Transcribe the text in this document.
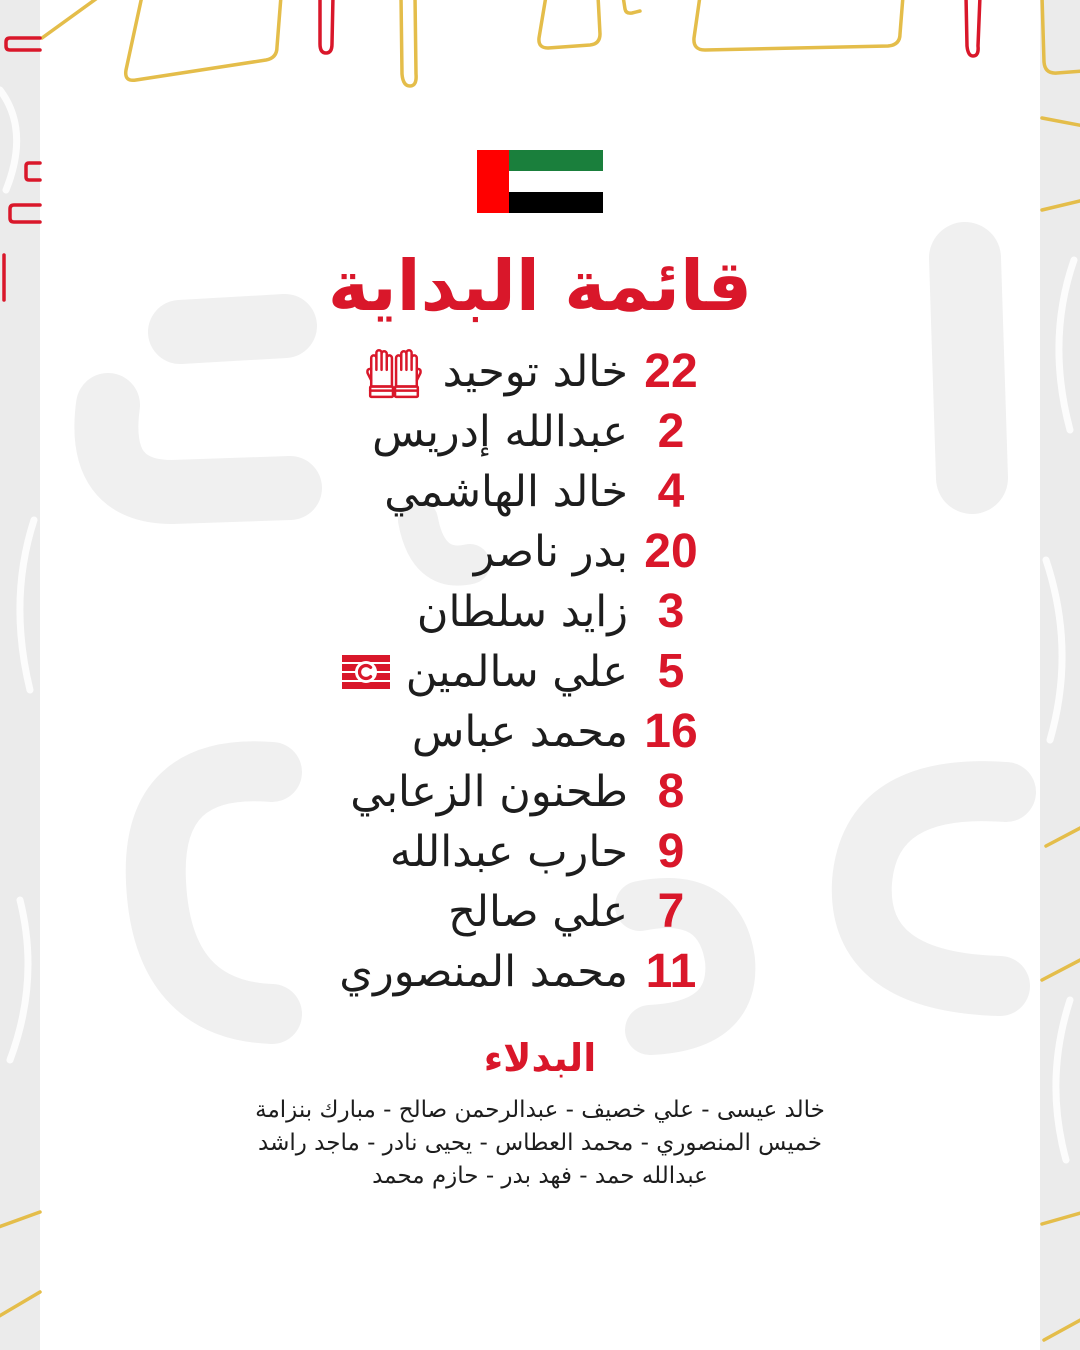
قائمة البداية
22
خالد توحيد
2
عبدالله إدريس
4
خالد الهاشمي
20
بدر ناصر
3
زايد سلطان
5
علي سالمين
16
محمد عباس
8
طحنون الزعابي
9
حارب عبدالله
7
علي صالح
11
محمد المنصوري
البدلاء
خالد عيسى - علي خصيف - عبدالرحمن صالح - مبارك بنزامة
خميس المنصوري - محمد العطاس - يحيى نادر - ماجد راشد
عبدالله حمد - فهد بدر - حازم محمد
